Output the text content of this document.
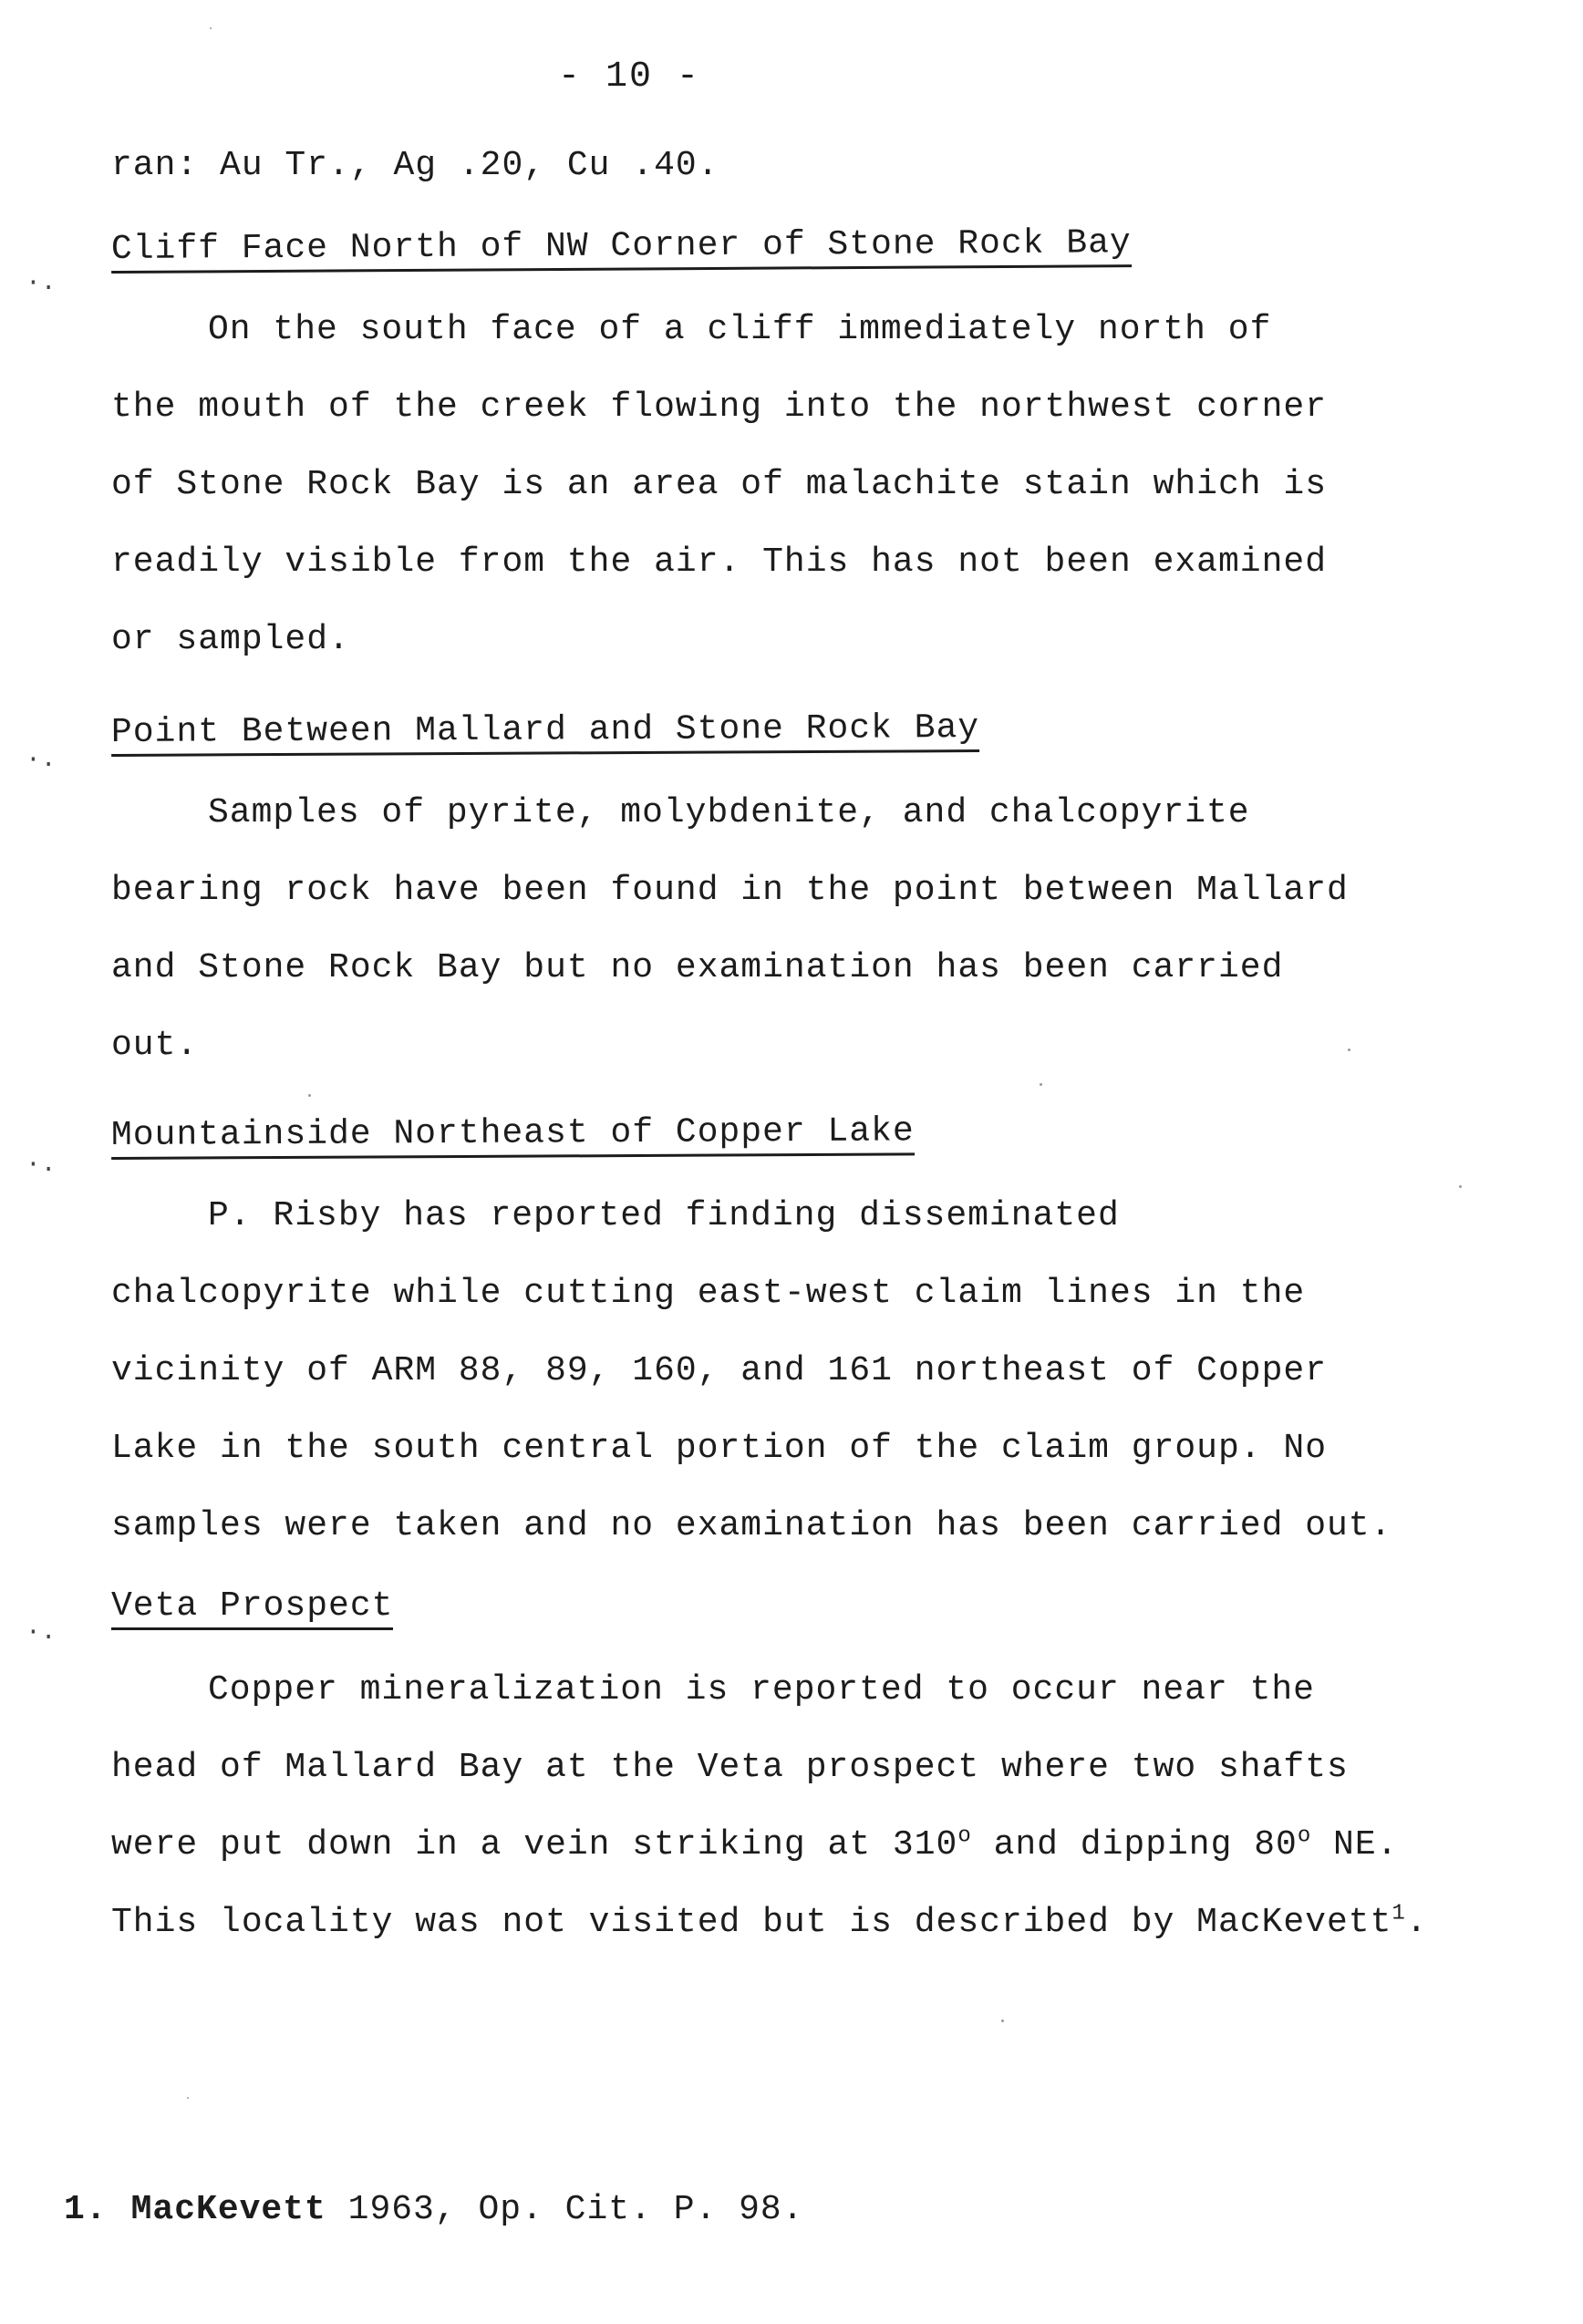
- 10 -
ran: Au Tr., Ag .20, Cu .40.
·.
Cliff Face North of NW Corner of Stone Rock Bay
On the south face of a cliff immediately north of
the mouth of the creek flowing into the northwest corner
of Stone Rock Bay is an area of malachite stain which is
readily visible from the air. This has not been examined
or sampled.
·.
Point Between Mallard and Stone Rock Bay
Samples of pyrite, molybdenite, and chalcopyrite
bearing rock have been found in the point between Mallard
and Stone Rock Bay but no examination has been carried
out.
·.
Mountainside Northeast of Copper Lake
P. Risby has reported finding disseminated
chalcopyrite while cutting east-west claim lines in the
vicinity of ARM 88, 89, 160, and 161 northeast of Copper
Lake in the south central portion of the claim group. No
samples were taken and no examination has been carried out.
·.
Veta Prospect
Copper mineralization is reported to occur near the
head of Mallard Bay at the Veta prospect where two shafts
were put down in a vein striking at 310$^o$ and dipping 80$^o$ NE.
This locality was not visited but is described by MacKevett$^1$.
1. MacKevett 1963, Op. Cit. P. 98.
